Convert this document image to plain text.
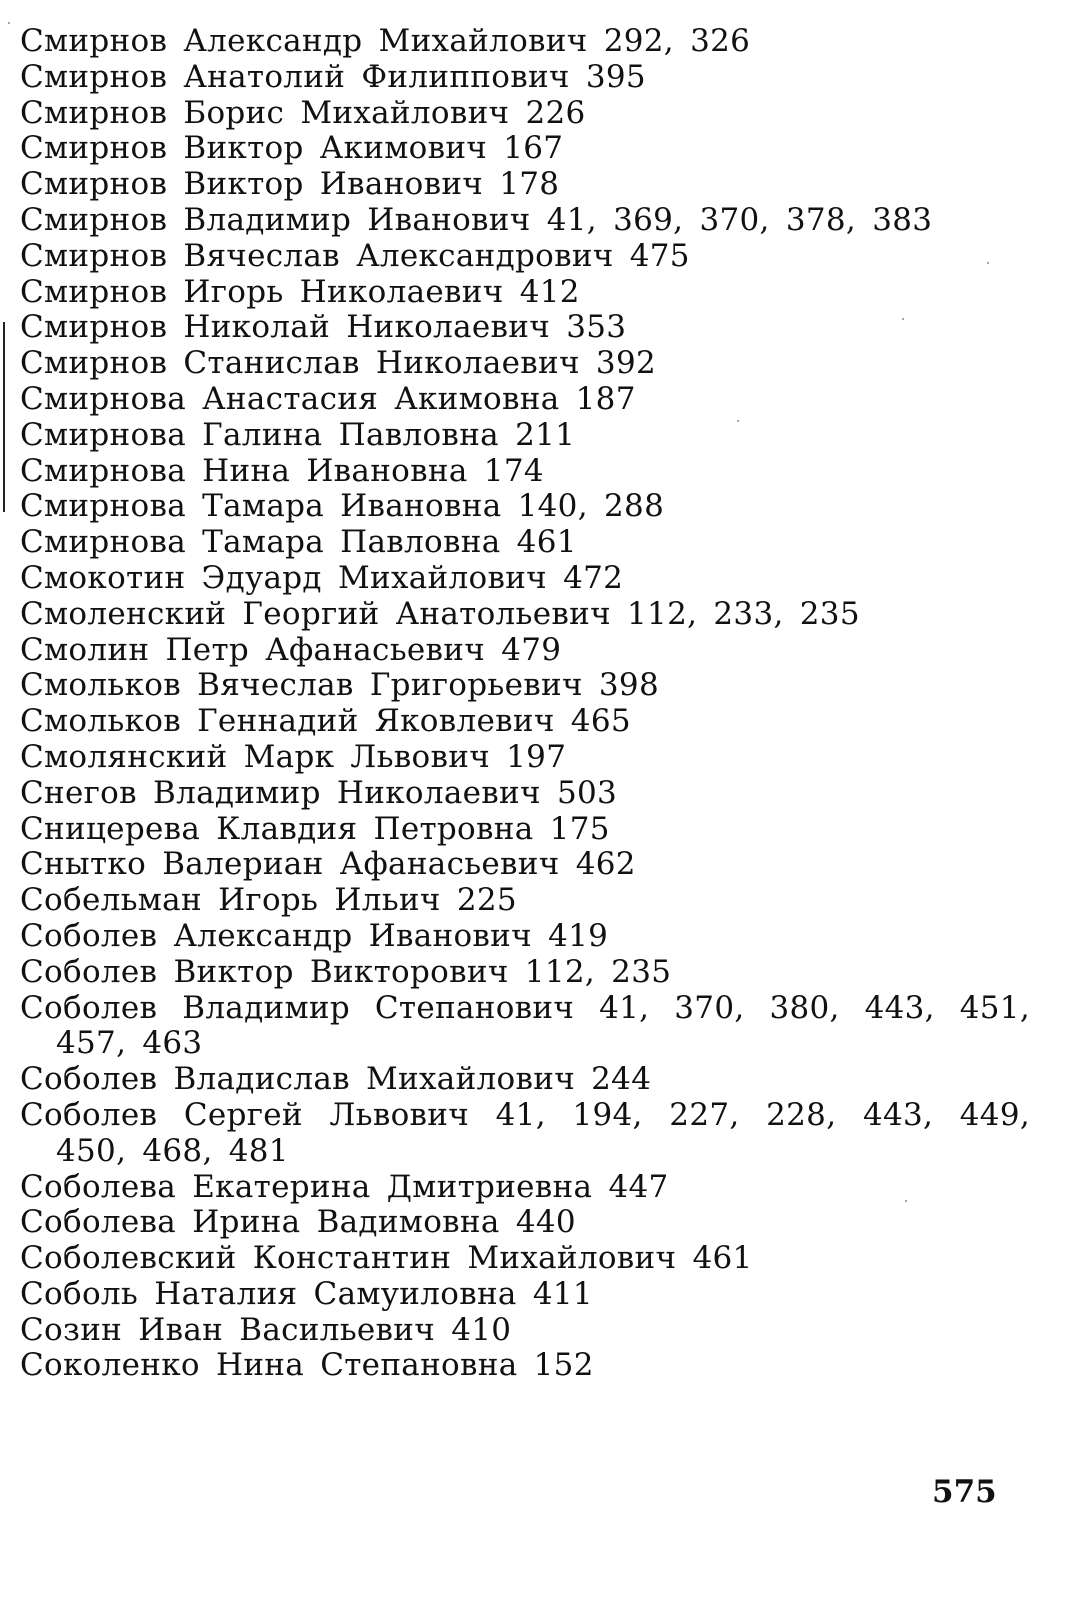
Смирнов Александр Михайлович 292, 326
Смирнов Анатолий Филиппович 395
Смирнов Борис Михайлович 226
Смирнов Виктор Акимович 167
Смирнов Виктор Иванович 178
Смирнов Владимир Иванович 41, 369, 370, 378, 383
Смирнов Вячеслав Александрович 475
Смирнов Игорь Николаевич 412
Смирнов Николай Николаевич 353
Смирнов Станислав Николаевич 392
Смирнова Анастасия Акимовна 187
Смирнова Галина Павловна 211
Смирнова Нина Ивановна 174
Смирнова Тамара Ивановна 140, 288
Смирнова Тамара Павловна 461
Смокотин Эдуард Михайлович 472
Смоленский Георгий Анатольевич 112, 233, 235
Смолин Петр Афанасьевич 479
Смольков Вячеслав Григорьевич 398
Смольков Геннадий Яковлевич 465
Смолянский Марк Львович 197
Снегов Владимир Николаевич 503
Сницерева Клавдия Петровна 175
Снытко Валериан Афанасьевич 462
Собельман Игорь Ильич 225
Соболев Александр Иванович 419
Соболев Виктор Викторович 112, 235
Соболев Владимир Степанович 41, 370, 380, 443, 451, 457, 463
Соболев Владислав Михайлович 244
Соболев Сергей Львович 41, 194, 227, 228, 443, 449, 450, 468, 481
Соболева Екатерина Дмитриевна 447
Соболева Ирина Вадимовна 440
Соболевский Константин Михайлович 461
Соболь Наталия Самуиловна 411
Созин Иван Васильевич 410
Соколенко Нина Степановна 152
575
